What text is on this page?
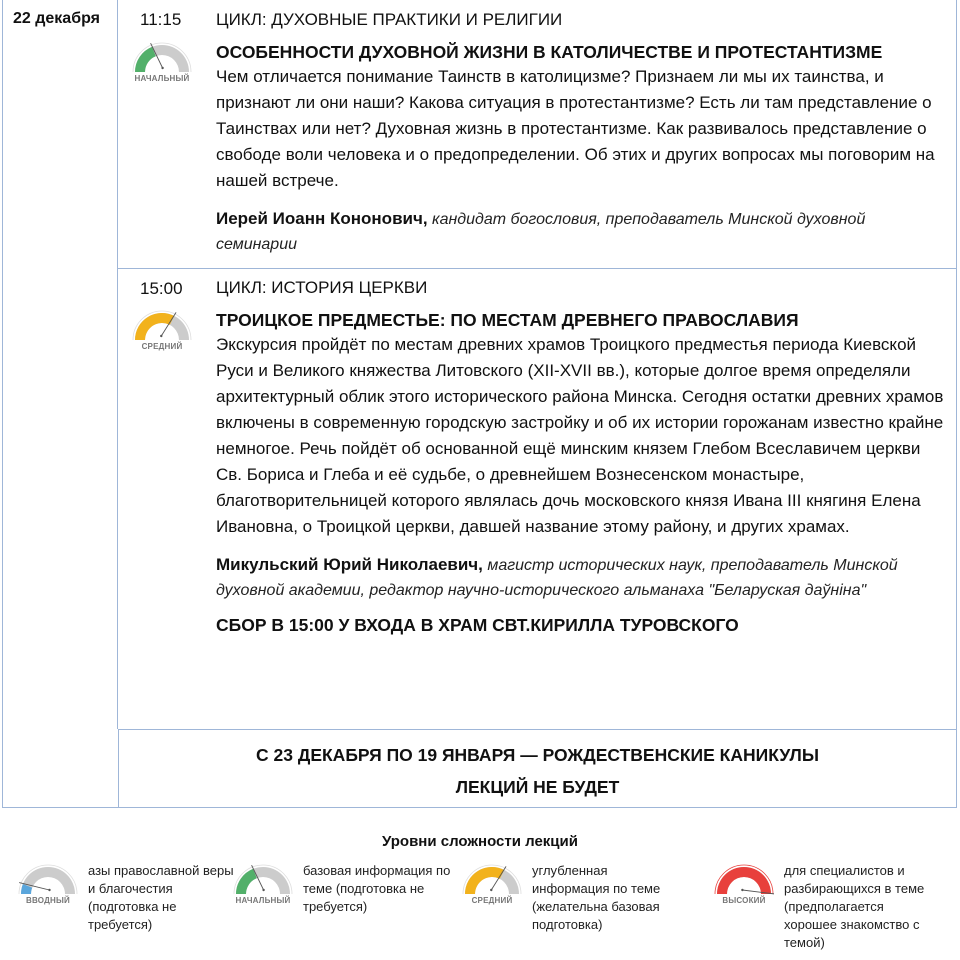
22 декабря 11:15
НАЧАЛЬНЫЙ
ЦИКЛ: ДУХОВНЫЕ ПРАКТИКИ И РЕЛИГИИ
ОСОБЕННОСТИ ДУХОВНОЙ ЖИЗНИ В КАТОЛИЧЕСТВЕ И ПРОТЕСТАНТИЗМЕ
Чем отличается понимание Таинств в католицизме? Признаем ли мы их таинства, и признают ли они наши? Какова ситуация в протестантизме? Есть ли там представление о Таинствах или нет? Духовная жизнь в протестантизме. Как развивалось представление о свободе воли человека и о предопределении. Об этих и других вопросах мы поговорим на нашей встрече.
Иерей Иоанн Кононович, кандидат богословия, преподаватель Минской духовной семинарии
15:00
СРЕДНИЙ
ЦИКЛ: ИСТОРИЯ ЦЕРКВИ
ТРОИЦКОЕ ПРЕДМЕСТЬЕ: ПО МЕСТАМ ДРЕВНЕГО ПРАВОСЛАВИЯ
Экскурсия пройдёт по местам древних храмов Троицкого предместья периода Киевской Руси и Великого княжества Литовского (XII-XVII вв.), которые долгое время определяли архитектурный облик этого исторического района Минска. Сегодня остатки древних храмов включены в современную городскую застройку и об их истории горожанам известно крайне немногое. Речь пойдёт об основанной ещё минским князем Глебом Всеславичем церкви Св. Бориса и Глеба и её судьбе, о древнейшем Вознесенском монастыре, благотворительницей которого являлась дочь московского князя Ивана III княгиня Елена Ивановна, о Троицкой церкви, давшей название этому району, и других храмах.
Микульский Юрий Николаевич, магистр исторических наук, преподаватель Минской духовной академии, редактор научно-исторического альманаха "Беларуская даўніна"
СБОР В 15:00 У ВХОДА В ХРАМ СВТ.КИРИЛЛА ТУРОВСКОГО
С 23 ДЕКАБРЯ ПО 19 ЯНВАРЯ — РОЖДЕСТВЕНСКИЕ КАНИКУЛЫ
ЛЕКЦИЙ НЕ БУДЕТ
Уровни сложности лекций
ВВОДНЫЙ
азы православной веры и благочестия (подготовка не требуется)
НАЧАЛЬНЫЙ
базовая информация по теме (подготовка не требуется)	СРЕДНИЙ
углубленная информация по теме (желательна базовая подготовка)
ВЫСОКИЙ
для специалистов и разбирающихся в теме (предполагается хорошее знакомство с темой)
